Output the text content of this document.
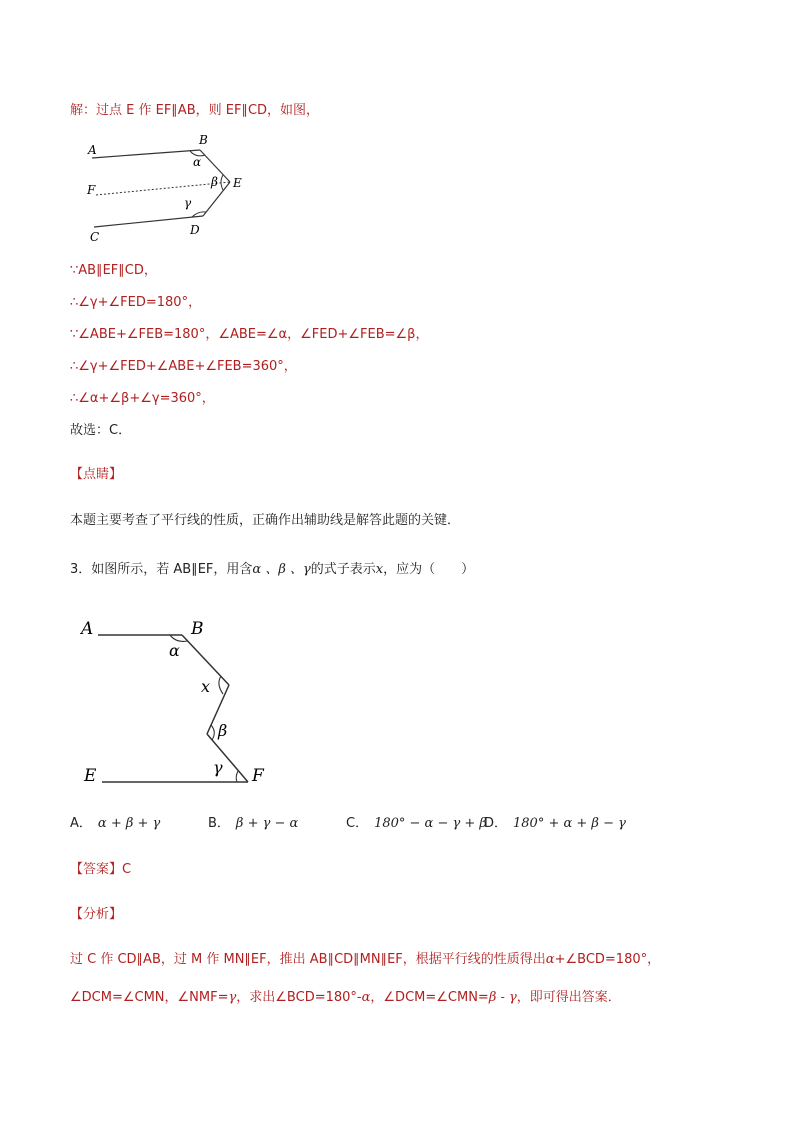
解：过点 E 作 EF∥AB，则 EF∥CD，如图，
A
B
α
F
β E
γ
C	D
∵AB∥EF∥CD，
∴∠γ+∠FED=180°，
∵∠ABE+∠FEB=180°，∠ABE=∠α，∠FED+∠FEB=∠β，
∴∠γ+∠FED+∠ABE+∠FEB=360°，
∴∠α+∠β+∠γ=360°，
故选：C．
【点睛】
本题主要考查了平行线的性质，正确作出辅助线是解答此题的关键．
3．如图所示，若 AB∥EF，用含α 、β 、γ的式子表示x，应为（　　）
A	B
α
x
β
γ
E	F
A． α + β + γ	B． β + γ − α	C． 180° − α − γ + β
D． 180° + α + β − γ
【答案】C
【分析】
过 C 作 CD∥AB，过 M 作 MN∥EF，推出 AB∥CD∥MN∥EF，根据平行线的性质得出α+∠BCD=180°，
∠DCM=∠CMN，∠NMF=γ，求出∠BCD=180°-α，∠DCM=∠CMN=β - γ，即可得出答案．
